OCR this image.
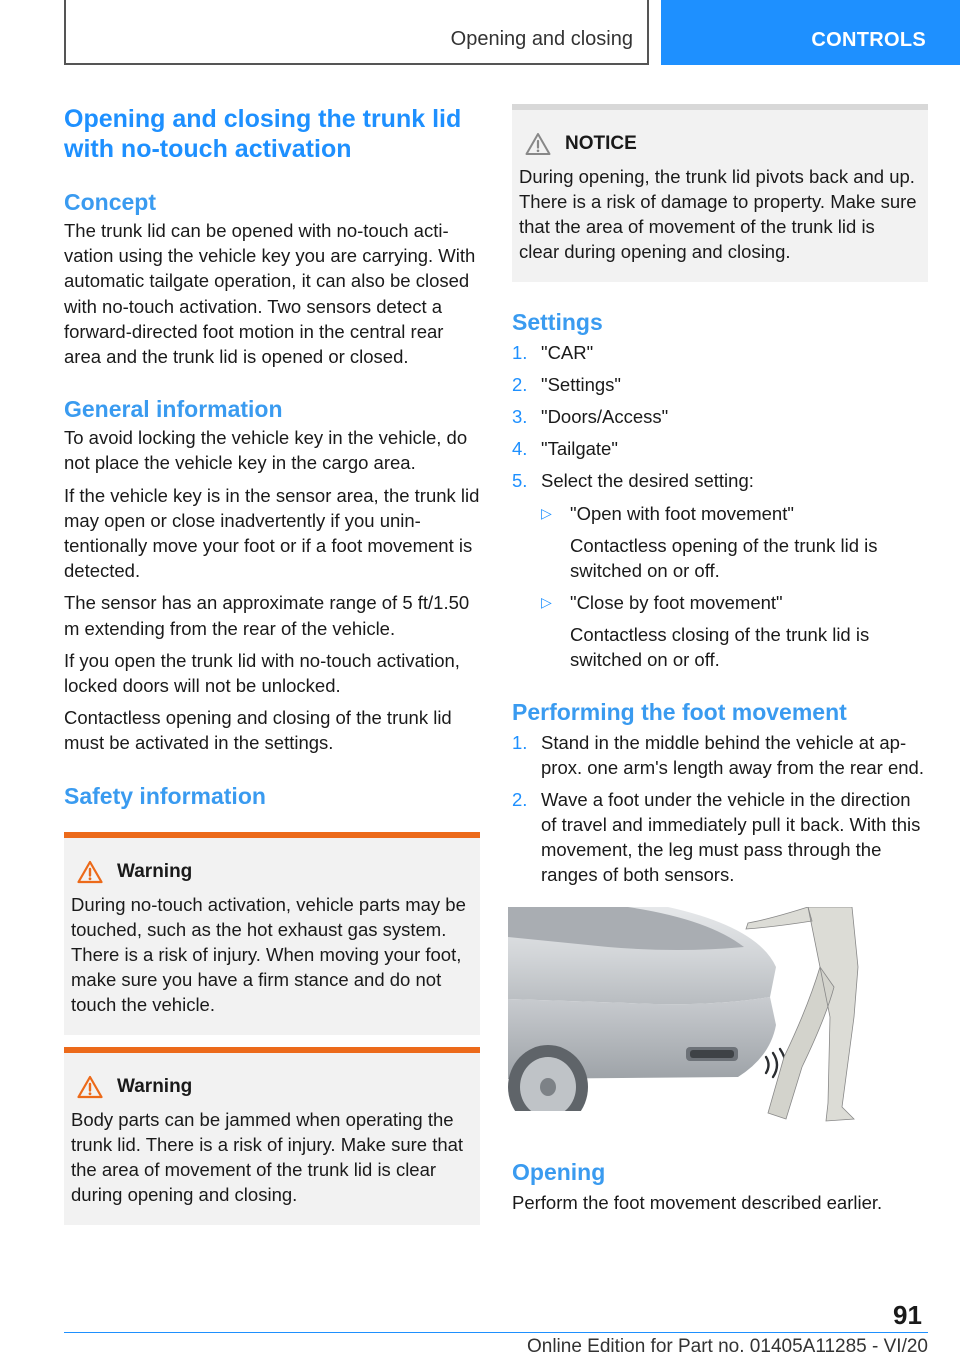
Opening and closing	CONTROLS
Opening and closing the trunk lid with no-touch activation
Concept

The trunk lid can be opened with no-touch activation using the vehicle key you are carrying. With automatic tailgate operation, it can also be closed with no-touch activation. Two sensors detect a forward-directed foot motion in the central rear area and the trunk lid is opened or closed.

General information

To avoid locking the vehicle key in the vehicle, do not place the vehicle key in the cargo area.

If the vehicle key is in the sensor area, the trunk lid may open or close inadvertently if you unintentionally move your foot or if a foot movement is detected.

The sensor has an approximate range of 5 ft/1.50 m extending from the rear of the vehicle.

If you open the trunk lid with no-touch activation, locked doors will not be unlocked.

Contactless opening and closing of the trunk lid must be activated in the settings.

Safety information
Warning

During no-touch activation, vehicle parts may be touched, such as the hot exhaust gas system. There is a risk of injury. When moving your foot, make sure you have a firm stance and do not touch the vehicle.

Warning

Body parts can be jammed when operating the trunk lid. There is a risk of injury. Make sure that the area of movement of the trunk lid is clear during opening and closing.

NOTICE

During opening, the trunk lid pivots back and up. There is a risk of damage to property. Make sure that the area of movement of the trunk lid is clear during opening and closing.

Settings
1. "CAR"
2. "Settings"
3. "Doors/Access"
4. "Tailgate"
5. Select the desired setting:
▷ "Open with foot movement"
Contactless opening of the trunk lid is switched on or off.
▷ "Close by foot movement"
Contactless closing of the trunk lid is switched on or off.
Performing the foot movement
1. Stand in the middle behind the vehicle at approx. one arm's length away from the rear end.
2. Wave a foot under the vehicle in the direction of travel and immediately pull it back. With this movement, the leg must pass through the ranges of both sensors.
Opening

Perform the foot movement described earlier.

91
Online Edition for Part no. 01405A11285 - VI/20
